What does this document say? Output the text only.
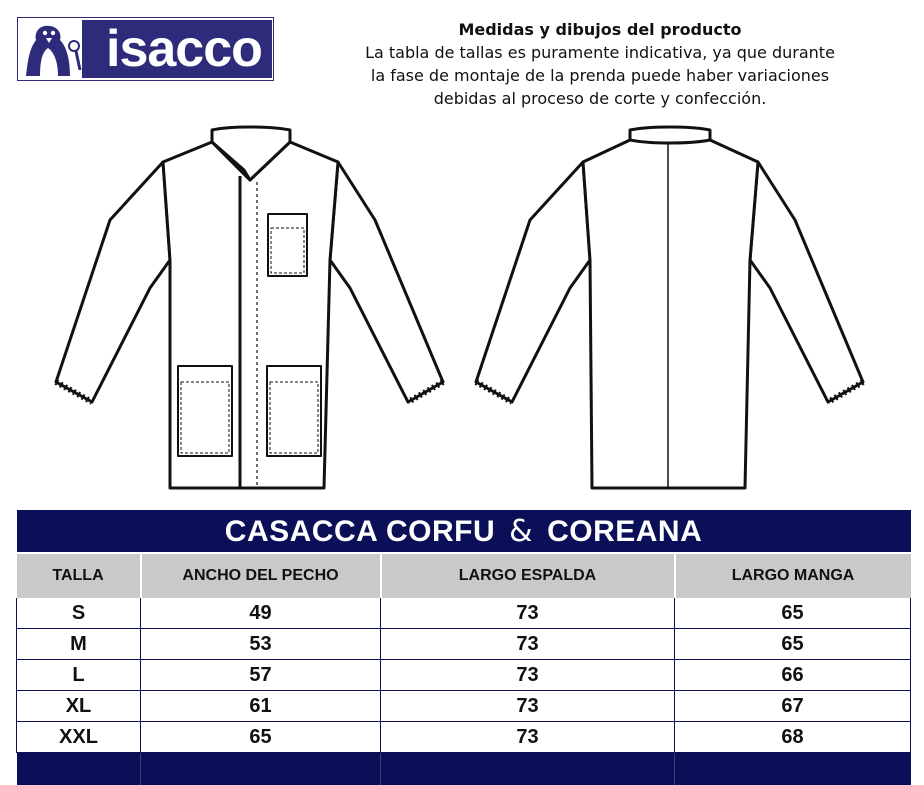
isacco	Medidas y dibujos del producto
La tabla de tallas es puramente indicativa, ya que durante
la fase de montaje de la prenda puede haber variaciones
debidas al proceso de corte y confección.
CASACCA CORFU & COREANA			
TALLA	ANCHO DEL PECHO	LARGO ESPALDA	LARGO MANGA
S	49	73	65
M	53	73	65
L	57	73	66
XL	61	73	67
XXL	65	73	68
